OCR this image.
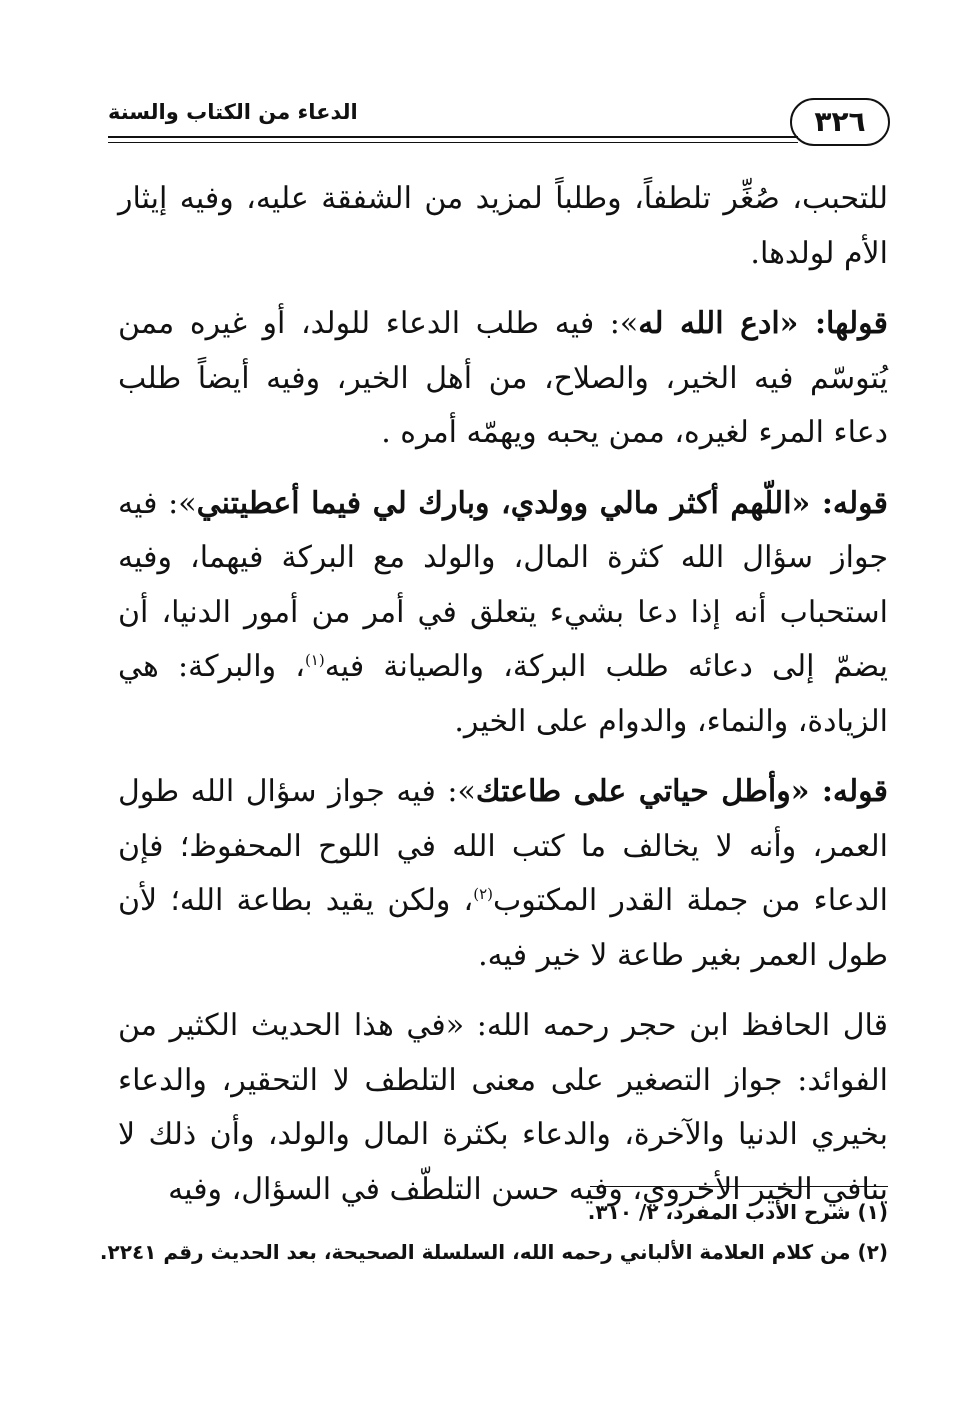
الدعاء من الكتاب والسنة	٣٢٦

للتحبب، صُغِّر تلطفاً، وطلباً لمزيد من الشفقة عليه، وفيه إيثار الأم لولدها.

قولها: «ادع الله له»: فيه طلب الدعاء للولد، أو غيره ممن يُتوسّم فيه الخير، والصلاح، من أهل الخير، وفيه أيضاً طلب دعاء المرء لغيره، ممن يحبه ويهمّه أمره .

قوله: «اللّهم أكثر مالي وولدي، وبارك لي فيما أعطيتني»: فيه جواز سؤال الله كثرة المال، والولد مع البركة فيهما، وفيه استحباب أنه إذا دعا بشيء يتعلق في أمر من أمور الدنيا، أن يضمّ إلى دعائه طلب البركة، والصيانة فيه$^{(١)}$، والبركة: هي الزيادة، والنماء، والدوام على الخير.

قوله: «وأطل حياتي على طاعتك»: فيه جواز سؤال الله طول العمر، وأنه لا يخالف ما كتب الله في اللوح المحفوظ؛ فإن الدعاء من جملة القدر المكتوب$^{(٢)}$، ولكن يقيد بطاعة الله؛ لأن طول العمر بغير طاعة لا خير فيه.

قال الحافظ ابن حجر رحمه الله: «في هذا الحديث الكثير من الفوائد: جواز التصغير على معنى التلطف لا التحقير، والدعاء بخيري الدنيا والآخرة، والدعاء بكثرة المال والولد، وأن ذلك لا ينافي الخير الأخروي، وفيه حسن التلطّف في السؤال، وفيه

(١) شرح الأدب المفرد، ٢/ ٣١٠.
(٢) من كلام العلامة الألباني رحمه الله، السلسلة الصحيحة، بعد الحديث رقم ٢٢٤١.
